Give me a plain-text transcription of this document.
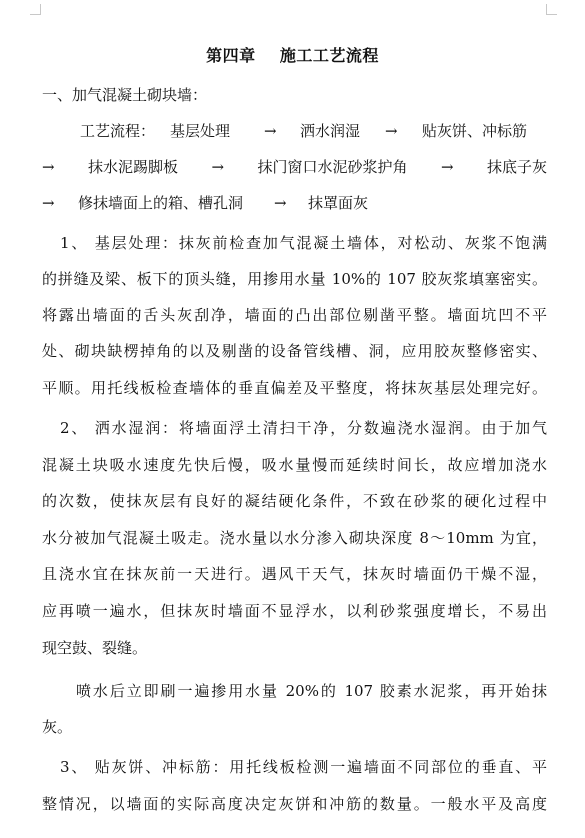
第四章    施工工艺流程
一、加气混凝土砌块墙：
工艺流程： 基层处理 → 洒水润湿 → 贴灰饼、冲标筋
→ 抹水泥踢脚板 → 抹门窗口水泥砂浆护角 → 抹底子灰
→ 修抹墙面上的箱、槽孔洞 → 抹罩面灰
1、 基层处理：抹灰前检查加气混凝土墙体，对松动、灰浆不饱满
的拼缝及梁、板下的顶头缝，用掺用水量 10%的 107 胶灰浆填塞密实。
将露出墙面的舌头灰刮净，墙面的凸出部位剔凿平整。墙面坑凹不平
处、砌块缺楞掉角的以及剔凿的设备管线槽、洞，应用胶灰整修密实、
平顺。用托线板检查墙体的垂直偏差及平整度，将抹灰基层处理完好。
2、 洒水湿润：将墙面浮土清扫干净，分数遍浇水湿润。由于加气
混凝土块吸水速度先快后慢，吸水量慢而延续时间长，故应增加浇水
的次数，使抹灰层有良好的凝结硬化条件，不致在砂浆的硬化过程中
水分被加气混凝土吸走。浇水量以水分渗入砌块深度 8～10mm 为宜，
且浇水宜在抹灰前一天进行。遇风干天气，抹灰时墙面仍干燥不湿，
应再喷一遍水，但抹灰时墙面不显浮水，以利砂浆强度增长，不易出
现空鼓、裂缝。
喷水后立即刷一遍掺用水量 20%的 107 胶素水泥浆，再开始抹
灰。
3、 贴灰饼、冲标筋：用托线板检测一遍墙面不同部位的垂直、平
整情况，以墙面的实际高度决定灰饼和冲筋的数量。一般水平及高度
